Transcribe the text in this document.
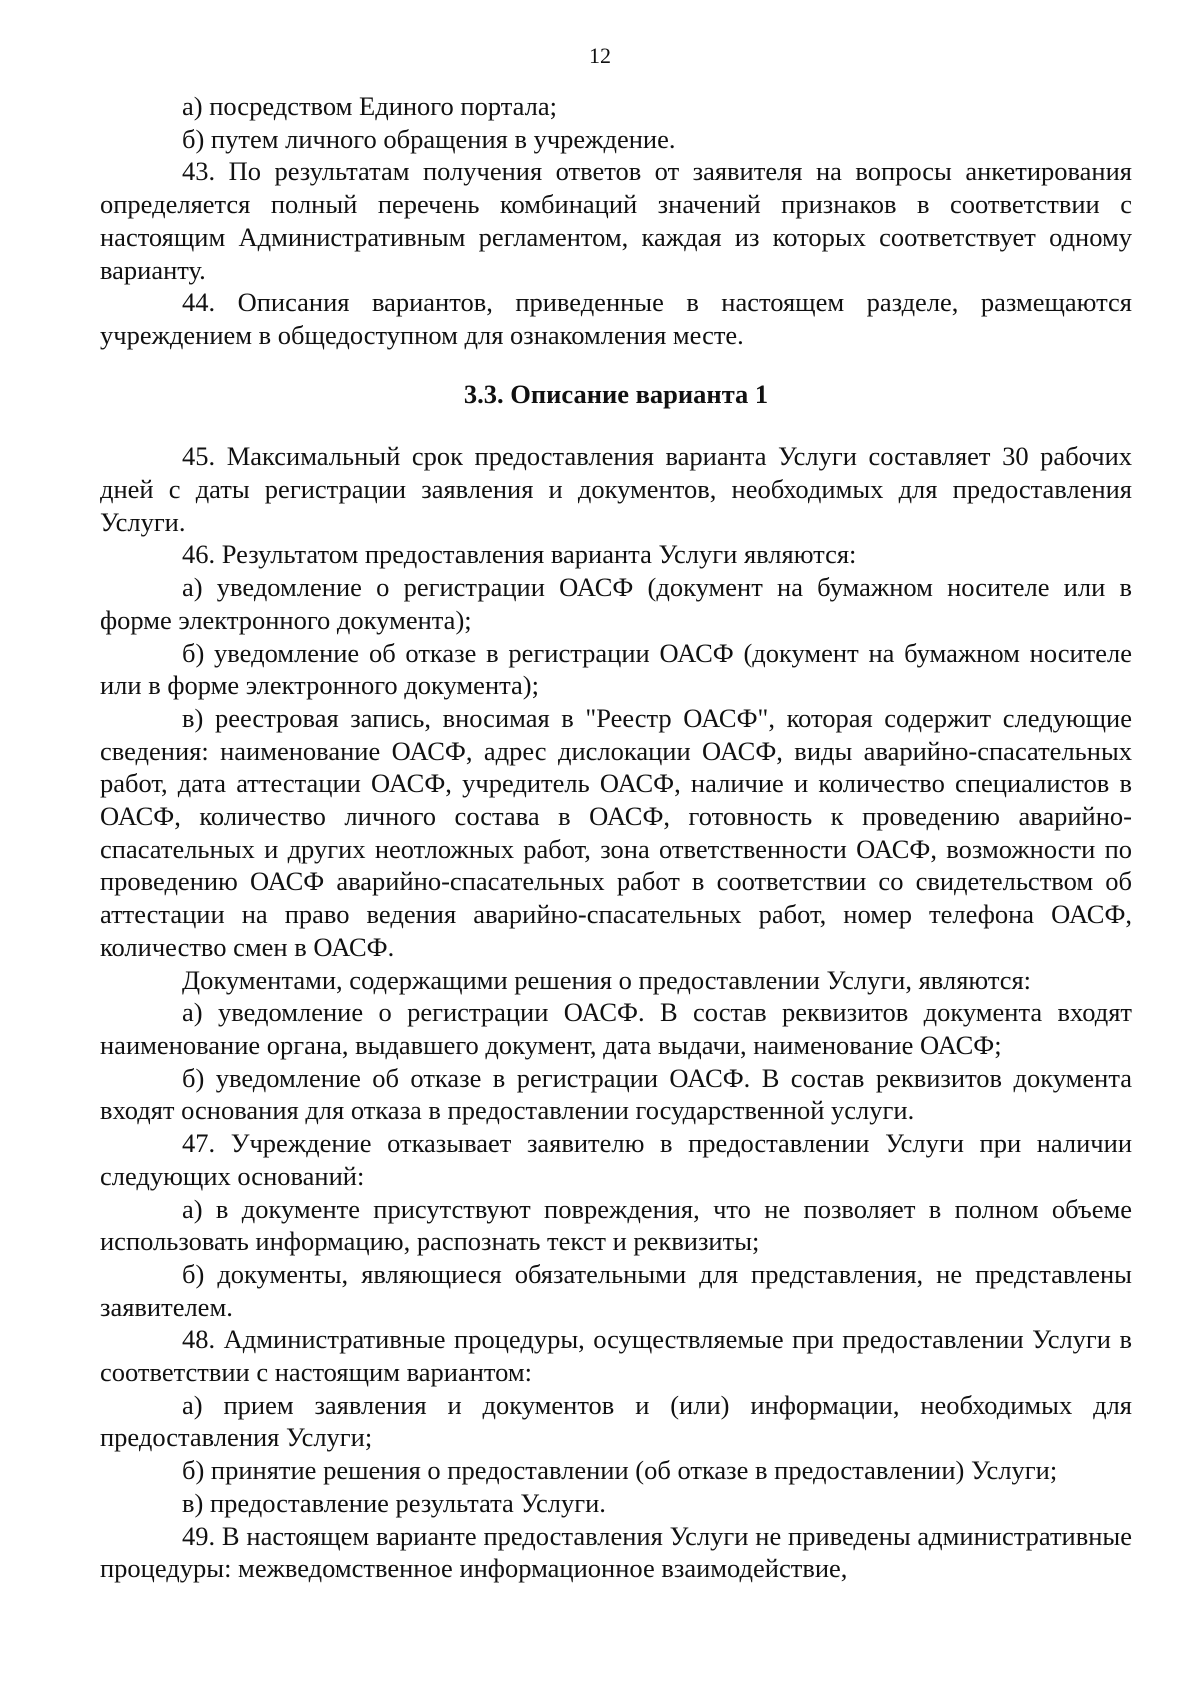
12

а) посредством Единого портала;

б) путем личного обращения в учреждение.

43. По результатам получения ответов от заявителя на вопросы анкетирования определяется полный перечень комбинаций значений признаков в соответствии с настоящим Административным регламентом, каждая из которых соответствует одному варианту.

44. Описания вариантов, приведенные в настоящем разделе, размещаются учреждением в общедоступном для ознакомления месте.

3.3. Описание варианта 1

45. Максимальный срок предоставления варианта Услуги составляет 30 рабочих дней с даты регистрации заявления и документов, необходимых для предоставления Услуги.

46. Результатом предоставления варианта Услуги являются:

а) уведомление о регистрации ОАСФ (документ на бумажном носителе или в форме электронного документа);

б) уведомление об отказе в регистрации ОАСФ (документ на бумажном носителе или в форме электронного документа);

в) реестровая запись, вносимая в "Реестр ОАСФ", которая содержит следующие сведения: наименование ОАСФ, адрес дислокации ОАСФ, виды аварийно-спасательных работ, дата аттестации ОАСФ, учредитель ОАСФ, наличие и количество специалистов в ОАСФ, количество личного состава в ОАСФ, готовность к проведению аварийно-спасательных и других неотложных работ, зона ответственности ОАСФ, возможности по проведению ОАСФ аварийно-спасательных работ в соответствии со свидетельством об аттестации на право ведения аварийно-спасательных работ, номер телефона ОАСФ, количество смен в ОАСФ.

Документами, содержащими решения о предоставлении Услуги, являются:

а) уведомление о регистрации ОАСФ. В состав реквизитов документа входят наименование органа, выдавшего документ, дата выдачи, наименование ОАСФ;

б) уведомление об отказе в регистрации ОАСФ. В состав реквизитов документа входят основания для отказа в предоставлении государственной услуги.

47. Учреждение отказывает заявителю в предоставлении Услуги при наличии следующих оснований:

а) в документе присутствуют повреждения, что не позволяет в полном объеме использовать информацию, распознать текст и реквизиты;

б) документы, являющиеся обязательными для представления, не представлены заявителем.

48. Административные процедуры, осуществляемые при предоставлении Услуги в соответствии с настоящим вариантом:

а) прием заявления и документов и (или) информации, необходимых для предоставления Услуги;

б) принятие решения о предоставлении (об отказе в предоставлении) Услуги;

в) предоставление результата Услуги.

49. В настоящем варианте предоставления Услуги не приведены административные процедуры: межведомственное информационное взаимодействие,
